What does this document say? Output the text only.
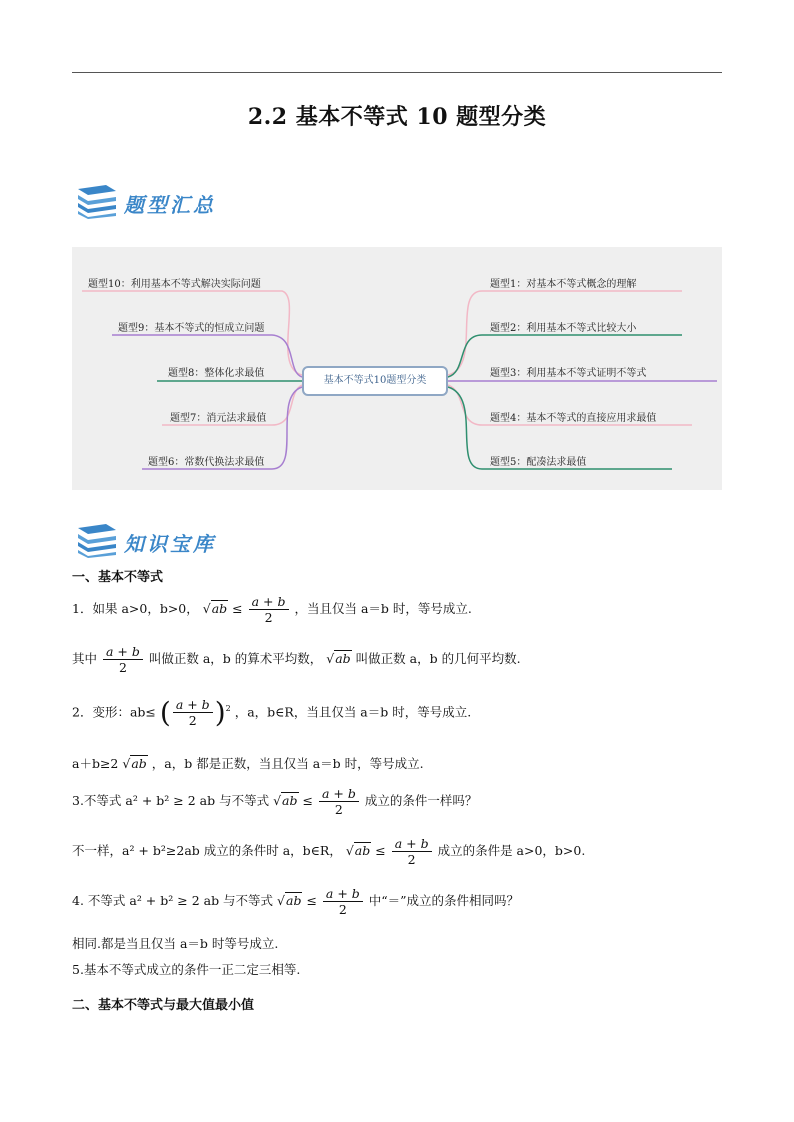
2.2 基本不等式 10 题型分类
题型汇总
基本不等式10题型分类
题型10：利用基本不等式解决实际问题
题型9：基本不等式的恒成立问题
题型8：整体化求最值
题型7：消元法求最值
题型6：常数代换法求最值
题型1：对基本不等式概念的理解
题型2：利用基本不等式比较大小
题型3：利用基本不等式证明不等式
题型4：基本不等式的直接应用求最值
题型5：配凑法求最值
知识宝库
一、基本不等式
1．如果 a>0，b>0， $√ab \le \frac{a + b}{2}$ ，当且仅当 a＝b 时，等号成立.
其中 $\frac{a + b}{2}$ 叫做正数 a，b 的算术平均数， √ab 叫做正数 a，b 的几何平均数.
2．变形：ab≤ ( $\frac{a + b}{2} )^2$ ，a，b∈R，当且仅当 a＝b 时，等号成立.
a＋b≥2 √ab ，a，b 都是正数，当且仅当 a＝b 时，等号成立.
3.不等式 a² + b² ≥ 2 ab 与不等式 $√ab \le \frac{a + b}{2}$ 成立的条件一样吗？
不一样，a² + b²≥2ab 成立的条件时 a，b∈R， $√ab \le \frac{a + b}{2}$ 成立的条件是 a>0，b>0.
4. 不等式 a² + b² ≥ 2 ab 与不等式 $√ab \le \frac{a + b}{2}$ 中“＝”成立的条件相同吗？
相同.都是当且仅当 a＝b 时等号成立.
5.基本不等式成立的条件一正二定三相等.
二、基本不等式与最大值最小值
